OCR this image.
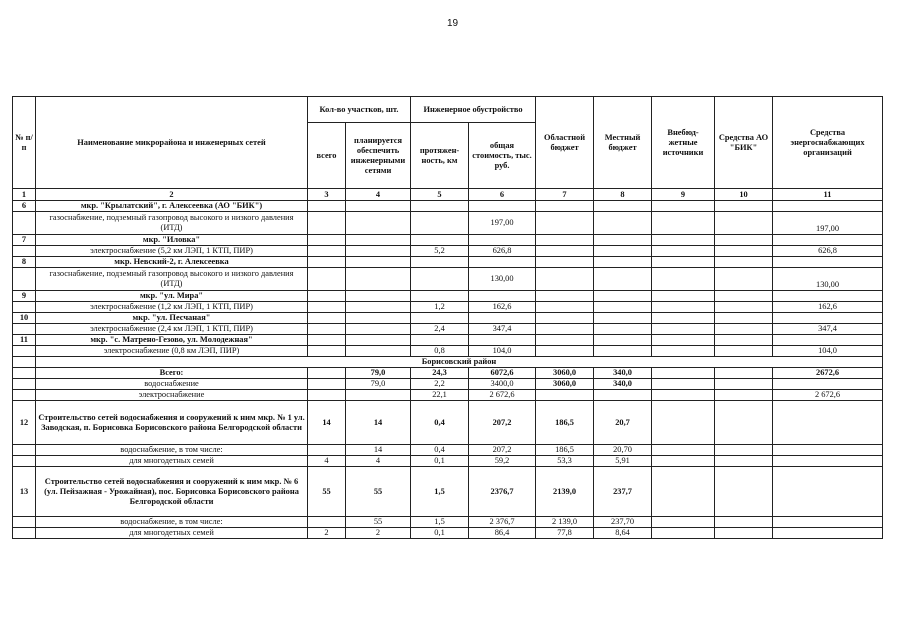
19
№ п/п	Наименование микрорайона и инженерных сетей	Кол-во участков, шт.		Инженерное обустройство		Областной бюджет	Местный бюджет	Внебюд-жетные источники	Средства АО "БИК"	Средства энергоснабжающих организаций
		всего	планируется обеспечить инженерными сетями	протяжен-ность, км	общая стоимость, тыс. руб.					
1	2	3	4	5	6	7	8	9	10	11
6	мкр. "Крылатский", г. Алексеевка (АО "БИК")									
	газоснабжение, подземный газопровод высокого и низкого давления (ИТД)				197,00					197,00
7	мкр. "Иловка"									
	электроснабжение (5,2 км ЛЭП, 1 КТП, ПИР)			5,2	626,8					626,8
8	мкр. Невский-2, г. Алексеевка									
	газоснабжение, подземный газопровод высокого и низкого давления (ИТД)				130,00					130,00
9	мкр. "ул. Мира"									
	электроснабжение (1,2 км ЛЭП, 1 КТП, ПИР)			1,2	162,6					162,6
10	мкр. "ул. Песчаная"									
	электроснабжение (2,4 км ЛЭП, 1 КТП, ПИР)			2,4	347,4					347,4
11	мкр. "с. Матрено-Гезово, ул. Молодежная"									
	электроснабжение (0,8 км ЛЭП, ПИР)			0,8	104,0					104,0
	Борисовский район									
	Всего:		79,0	24,3	6072,6	3060,0	340,0			2672,6
	водоснабжение		79,0	2,2	3400,0	3060,0	340,0			
	электроснабжение			22,1	2 672,6					2 672,6
12	Строительство сетей водоснабжения и сооружений к ним мкр. № 1 ул. Заводская, п. Борисовка Борисовского района Белгородской области	14	14	0,4	207,2	186,5	20,7			
	водоснабжение, в том числе:		14	0,4	207,2	186,5	20,70			
	для многодетных семей	4	4	0,1	59,2	53,3	5,91			
13	Строительство сетей водоснабжения и сооружений к ним мкр. № 6 (ул. Пейзажная - Урожайная), пос. Борисовка Борисовского района Белгородской области	55	55	1,5	2376,7	2139,0	237,7			
	водоснабжение, в том числе:		55	1,5	2 376,7	2 139,0	237,70			
	для многодетных семей	2	2	0,1	86,4	77,8	8,64			
